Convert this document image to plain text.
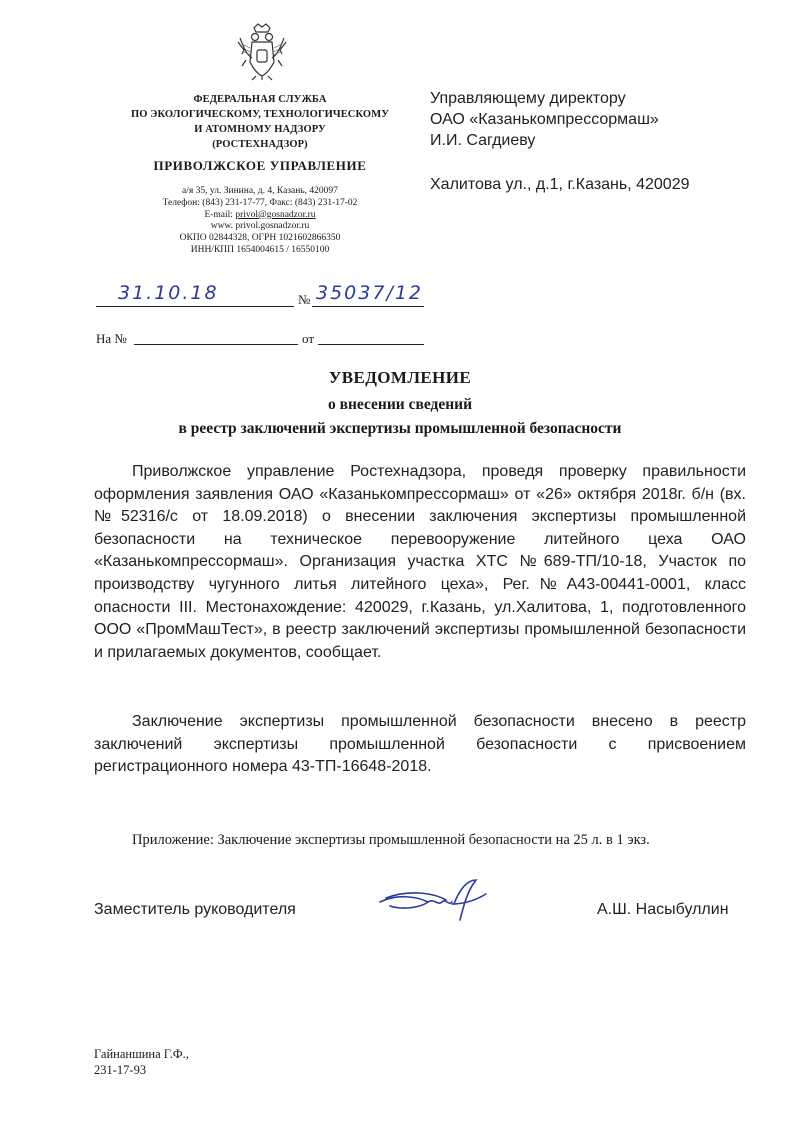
ФЕДЕРАЛЬНАЯ СЛУЖБА
ПО ЭКОЛОГИЧЕСКОМУ, ТЕХНОЛОГИЧЕСКОМУ
И АТОМНОМУ НАДЗОРУ
(РОСТЕХНАДЗОР)
ПРИВОЛЖСКОЕ УПРАВЛЕНИЕ
а/я 35, ул. Зинина, д. 4, Казань, 420097
Телефон: (843) 231-17-77, Факс: (843) 231-17-02
E-mail: privol@gosnadzor.ru
www. privol.gosnadzor.ru
ОКПО 02844328, ОГРН 1021602866350
ИНН/КПП 1654004615 / 16550100
Управляющему директору
ОАО «Казанькомпрессормаш»
И.И. Сагдиеву
Халитова ул., д.1, г.Казань, 420029
31.10.18	№ 35037/12
На №	от
УВЕДОМЛЕНИЕ
о внесении сведений
в реестр заключений экспертизы промышленной безопасности

Приволжское управление Ростехнадзора, проведя проверку правильности оформления заявления ОАО «Казанькомпрессормаш» от «26» октября 2018г. б/н (вх.№52316/с от 18.09.2018) о внесении заключения экспертизы промышленной безопасности на техническое перевооружение литейного цеха ОАО «Казанькомпрессормаш». Организация участка ХТС №689-ТП/10-18, Участок по производству чугунного литья литейного цеха», Рег.№А43-00441-0001, класс опасности III. Местонахождение: 420029, г.Казань, ул.Халитова, 1, подготовленного ООО «ПромМашТест», в реестр заключений экспертизы промышленной безопасности и прилагаемых документов, сообщает.

Заключение экспертизы промышленной безопасности внесено в реестр заключений экспертизы промышленной безопасности с присвоением регистрационного номера 43-ТП-16648-2018.

Приложение: Заключение экспертизы промышленной безопасности на 25 л. в 1 экз.
Заместитель руководителя	А.Ш. Насыбуллин
Гайнаншина Г.Ф.,
231-17-93
